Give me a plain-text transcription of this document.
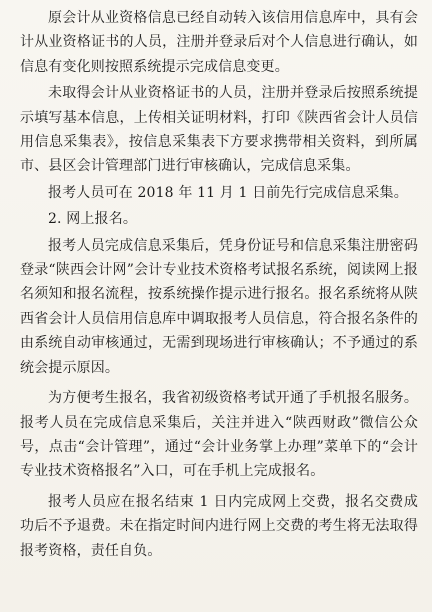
原会计从业资格信息已经自动转入该信用信息库中，具有会计从业资格证书的人员，注册并登录后对个人信息进行确认，如信息有变化则按照系统提示完成信息变更。

未取得会计从业资格证书的人员，注册并登录后按照系统提示填写基本信息，上传相关证明材料，打印《陕西省会计人员信用信息采集表》，按信息采集表下方要求携带相关资料，到所属市、县区会计管理部门进行审核确认，完成信息采集。

报考人员可在 2018 年 11 月 1 日前先行完成信息采集。

2. 网上报名。

报考人员完成信息采集后，凭身份证号和信息采集注册密码登录“陕西会计网”会计专业技术资格考试报名系统，阅读网上报名须知和报名流程，按系统操作提示进行报名。报名系统将从陕西省会计人员信用信息库中调取报考人员信息，符合报名条件的由系统自动审核通过，无需到现场进行审核确认；不予通过的系统会提示原因。

为方便考生报名，我省初级资格考试开通了手机报名服务。报考人员在完成信息采集后，关注并进入“陕西财政”微信公众号，点击“会计管理”，通过“会计业务掌上办理”菜单下的“会计专业技术资格报名”入口，可在手机上完成报名。

报考人员应在报名结束 1 日内完成网上交费，报名交费成功后不予退费。未在指定时间内进行网上交费的考生将无法取得报考资格，责任自负。
